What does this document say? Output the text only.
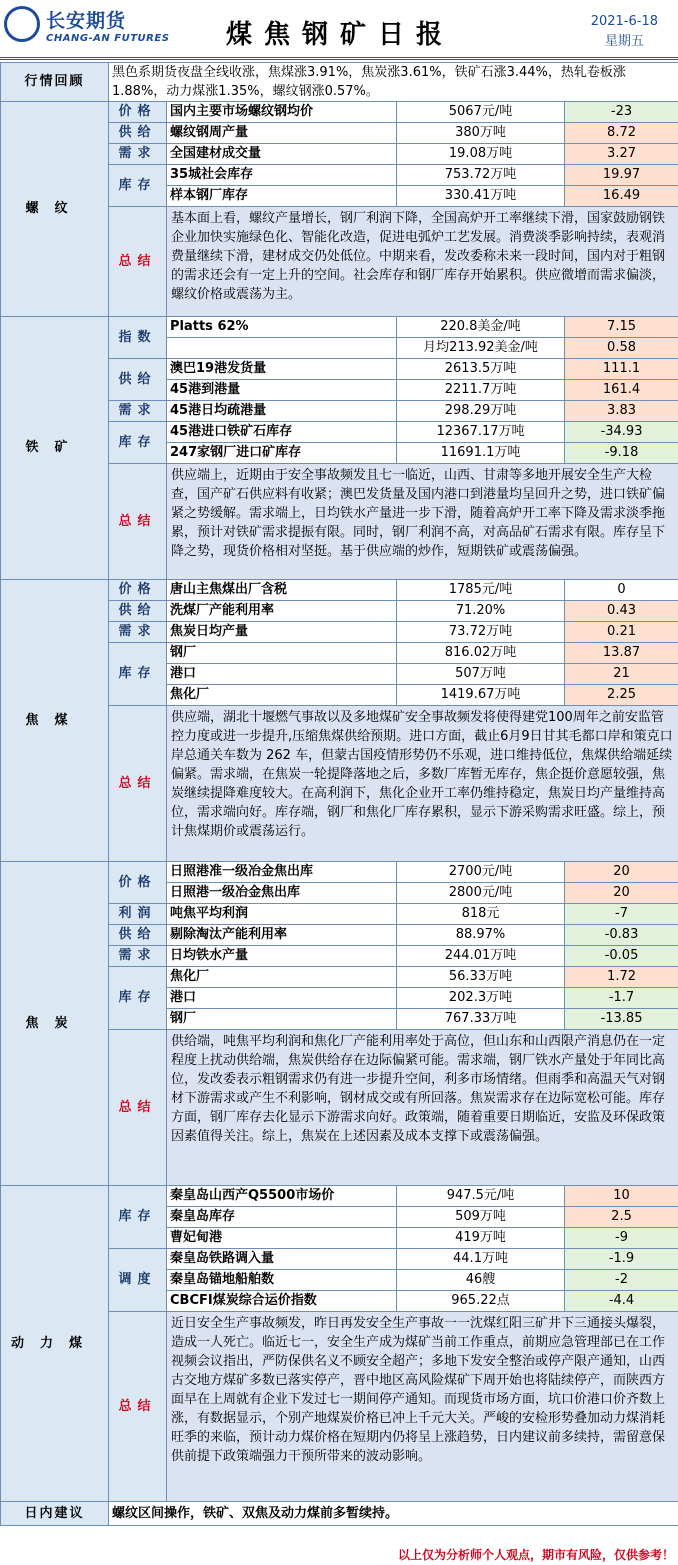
长安期货
CHANG-AN FUTURES	煤焦钢矿日报	2021-6-18
星期五
行情回顾	黑色系期货夜盘全线收涨，焦煤涨3.91%，焦炭涨3.61%，铁矿石涨3.44%，热轧卷板涨1.88%，动力煤涨1.35%，螺纹钢涨0.57%。			
螺纹	价格	国内主要市场螺纹钢均价	5067元/吨	-23
	供给	螺纹钢周产量	380万吨	8.72
	需求	全国建材成交量	19.08万吨	3.27
	库存	35城社会库存	753.72万吨	19.97
		样本钢厂库存	330.41万吨	16.49
	总结	基本面上看，螺纹产量增长，钢厂利润下降，全国高炉开工率继续下滑，国家鼓励钢铁企业加快实施绿色化、智能化改造，促进电弧炉工艺发展。消费淡季影响持续，表观消费量继续下滑，建材成交仍处低位。中期来看，发改委称未来一段时间，国内对于粗钢的需求还会有一定上升的空间。社会库存和钢厂库存开始累积。供应微增而需求偏淡，螺纹价格或震荡为主。		
铁矿	指数	Platts 62%	220.8美金/吨	7.15
			月均213.92美金/吨	0.58
	供给	澳巴19港发货量	2613.5万吨	111.1
		45港到港量	2211.7万吨	161.4
	需求	45港日均疏港量	298.29万吨	3.83
	库存	45港进口铁矿石库存	12367.17万吨	-34.93
		247家钢厂进口矿库存	11691.1万吨	-9.18
	总结	供应端上，近期由于安全事故频发且七一临近，山西、甘肃等多地开展安全生产大检查，国产矿石供应料有收紧；澳巴发货量及国内港口到港量均呈回升之势，进口铁矿偏紧之势缓解。需求端上，日均铁水产量进一步下滑，随着高炉开工率下降及需求淡季拖累，预计对铁矿需求提振有限。同时，钢厂利润不高，对高品矿石需求有限。库存呈下降之势，现货价格相对坚挺。基于供应端的炒作，短期铁矿或震荡偏强。		
焦煤	价格	唐山主焦煤出厂含税	1785元/吨	0
	供给	洗煤厂产能利用率	71.20%	0.43
	需求	焦炭日均产量	73.72万吨	0.21
	库存	钢厂	816.02万吨	13.87
		港口	507万吨	21
		焦化厂	1419.67万吨	2.25
	总结	供应端，湖北十堰燃气事故以及多地煤矿安全事故频发将使得建党100周年之前安监管控力度或进一步提升,压缩焦煤供给预期。进口方面，截止6月9日甘其毛都口岸和策克口岸总通关车数为 262 车，但蒙古国疫情形势仍不乐观，进口维持低位，焦煤供给端延续偏紧。需求端，在焦炭一轮提降落地之后，多数厂库暂无库存，焦企挺价意愿较强，焦炭继续提降难度较大。在高利润下，焦化企业开工率仍维持稳定，焦炭日均产量维持高位，需求端向好。库存端，钢厂和焦化厂库存累积，显示下游采购需求旺盛。综上，预计焦煤期价或震荡运行。		
焦炭	价格	日照港准一级冶金焦出库	2700元/吨	20
		日照港一级冶金焦出库	2800元/吨	20
	利润	吨焦平均利润	818元	-7
	供给	剔除淘汰产能利用率	88.97%	-0.83
	需求	日均铁水产量	244.01万吨	-0.05
	库存	焦化厂	56.33万吨	1.72
		港口	202.3万吨	-1.7
		钢厂	767.33万吨	-13.85
	总结	供给端，吨焦平均利润和焦化厂产能利用率处于高位，但山东和山西限产消息仍在一定程度上扰动供给端，焦炭供给存在边际偏紧可能。需求端，钢厂铁水产量处于年同比高位，发改委表示粗钢需求仍有进一步提升空间，利多市场情绪。但雨季和高温天气对钢材下游需求或产生不利影响，钢材成交或有所回落。焦炭需求存在边际宽松可能。库存方面，钢厂库存去化显示下游需求向好。政策端，随着重要日期临近，安监及环保政策因素值得关注。综上，焦炭在上述因素及成本支撑下或震荡偏强。		
动力煤	库存	秦皇岛山西产Q5500市场价	947.5元/吨	10
		秦皇岛库存	509万吨	2.5
		曹妃甸港	419万吨	-9
	调度	秦皇岛铁路调入量	44.1万吨	-1.9
		秦皇岛锚地船舶数	46艘	-2
		CBCFI煤炭综合运价指数	965.22点	-4.4
	总结	近日安全生产事故频发，昨日再发安全生产事故一一沈煤红阳三矿井下三通接头爆裂，造成一人死亡。临近七一，安全生产成为煤矿当前工作重点，前期应急管理部已在工作视频会议指出，严防保供名义不顾安全超产；多地下发安全整治或停产限产通知，山西古交地方煤矿多数已落实停产，晋中地区高风险煤矿下周开始也将陆续停产，而陕西方面早在上周就有企业下发过七一期间停产通知。而现货市场方面，坑口价港口价齐数上涨，有数据显示，个别产地煤炭价格已冲上千元大关。严峻的安检形势叠加动力煤消耗旺季的来临，预计动力煤价格在短期内仍将呈上涨趋势，日内建议前多续持，需留意保供前提下政策端强力干预所带来的波动影响。		
日内建议	螺纹区间操作，铁矿、双焦及动力煤前多暂续持。			
以上仅为分析师个人观点，期市有风险，仅供参考！
